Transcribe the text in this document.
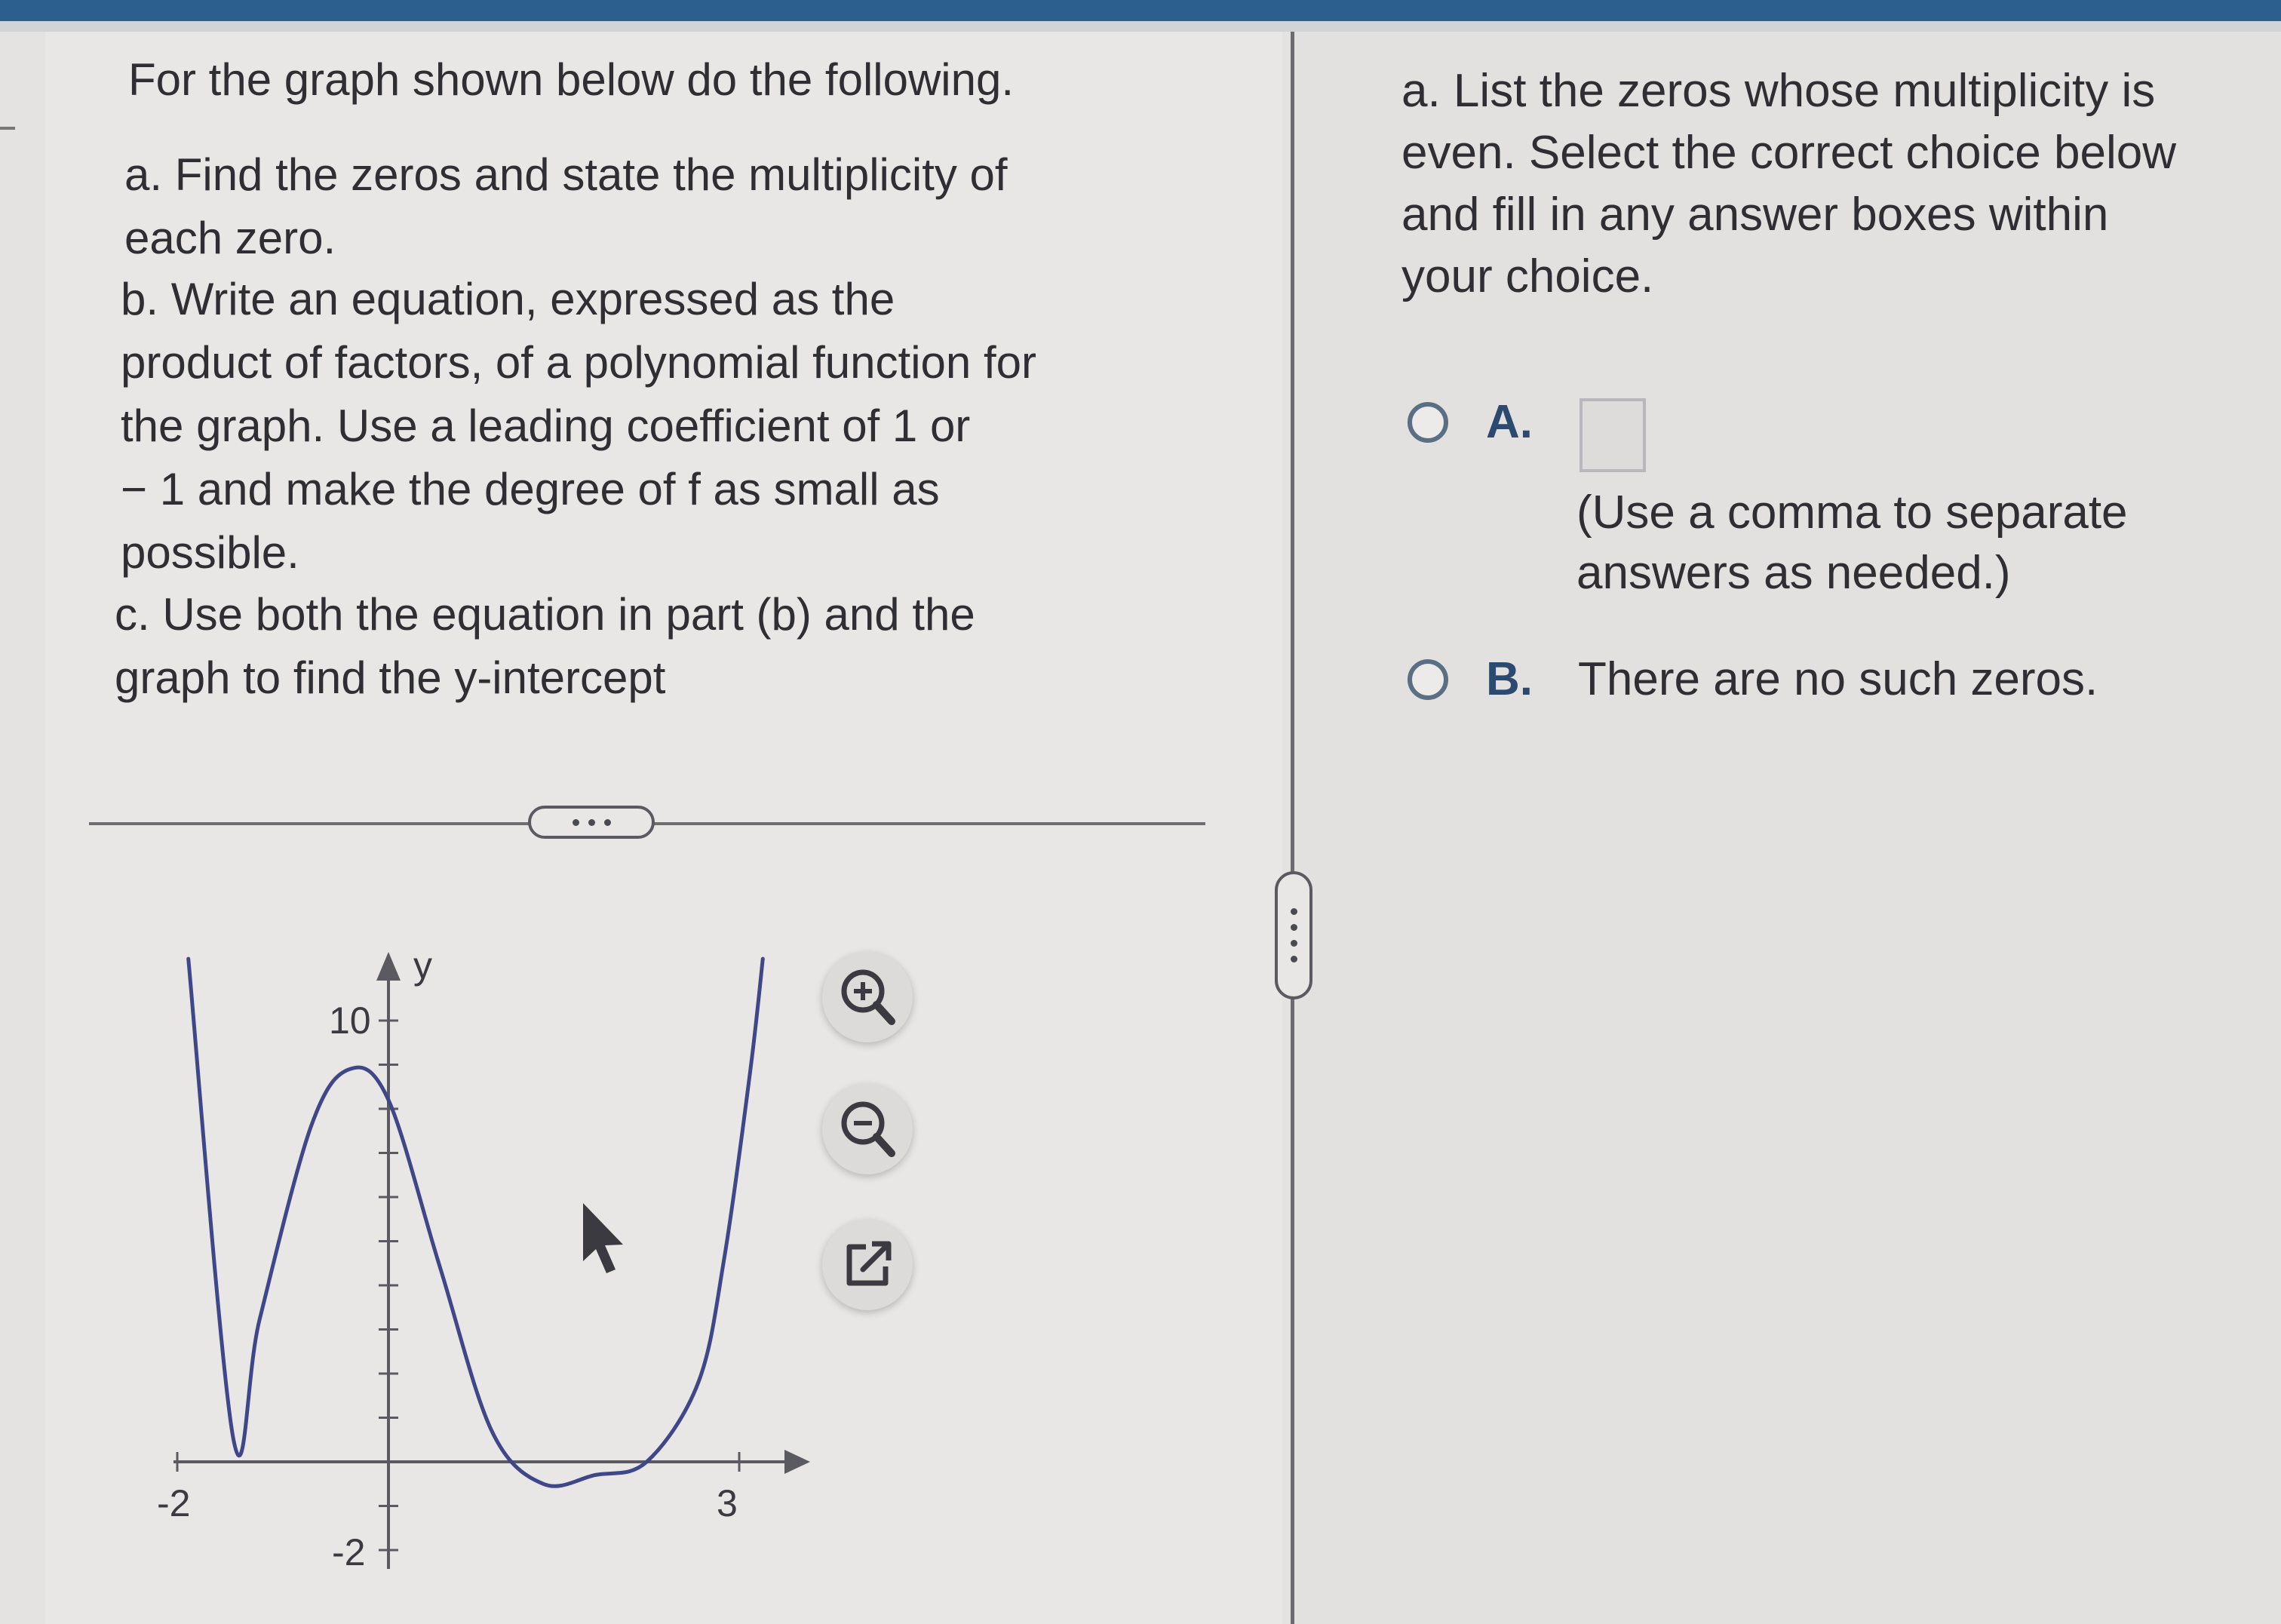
For the graph shown below do the following.
a. Find the zeros and state the multiplicity of
each zero.
b. Write an equation, expressed as the
product of factors, of a polynomial function for
the graph. Use a leading coefficient of 1 or
− 1 and make the degree of f as small as
possible.
c. Use both the equation in part (b) and the
graph to find the y-intercept
y
10
-2
-2	3
a. List the zeros whose multiplicity is
even. Select the correct choice below
and fill in any answer boxes within
your choice.
A.
(Use a comma to separate
answers as needed.)
B. There are no such zeros.
